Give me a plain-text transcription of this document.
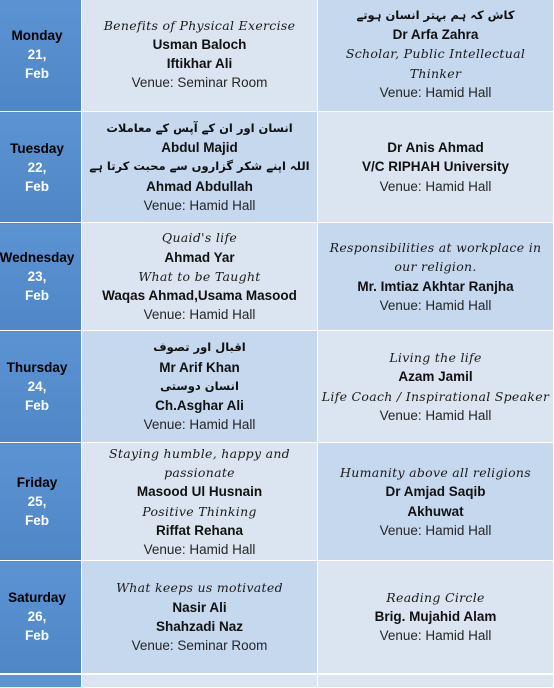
Monday
21,
Feb	Benefits of Physical Exercise
Usman Baloch
Iftikhar Ali
Venue: Seminar Room	کاش کہ ہم بہتر انسان ہوتے
Dr Arfa Zahra
Scholar, Public Intellectual Thinker
Venue: Hamid Hall

Tuesday
22,
Feb	انسان اور ان کے آپس کے معاملات
Abdul Majid
اللہ اپنے شکر گزاروں سے محبت کرتا ہے
Ahmad Abdullah
Venue: Hamid Hall	Dr Anis Ahmad
V/C RIPHAH University
Venue: Hamid Hall

Wednesday
23,
Feb	Quaid's life
Ahmad Yar
What to be Taught
Waqas Ahmad,Usama Masood
Venue: Hamid Hall	Responsibilities at workplace in our religion.
Mr. Imtiaz Akhtar Ranjha
Venue: Hamid Hall

Thursday
24,
Feb	اقبال اور تصوف
Mr Arif Khan
انسان دوستی
Ch.Asghar Ali
Venue: Hamid Hall	Living the life
Azam Jamil
Life Coach / Inspirational Speaker
Venue: Hamid Hall

Friday
25,
Feb	Staying humble, happy and passionate
Masood Ul Husnain
Positive Thinking
Riffat Rehana
Venue: Hamid Hall	Humanity above all religions
Dr Amjad Saqib
Akhuwat
Venue: Hamid Hall

Saturday
26,
Feb	What keeps us motivated
Nasir Ali
Shahzadi Naz
Venue: Seminar Room	Reading Circle
Brig. Mujahid Alam
Venue: Hamid Hall
